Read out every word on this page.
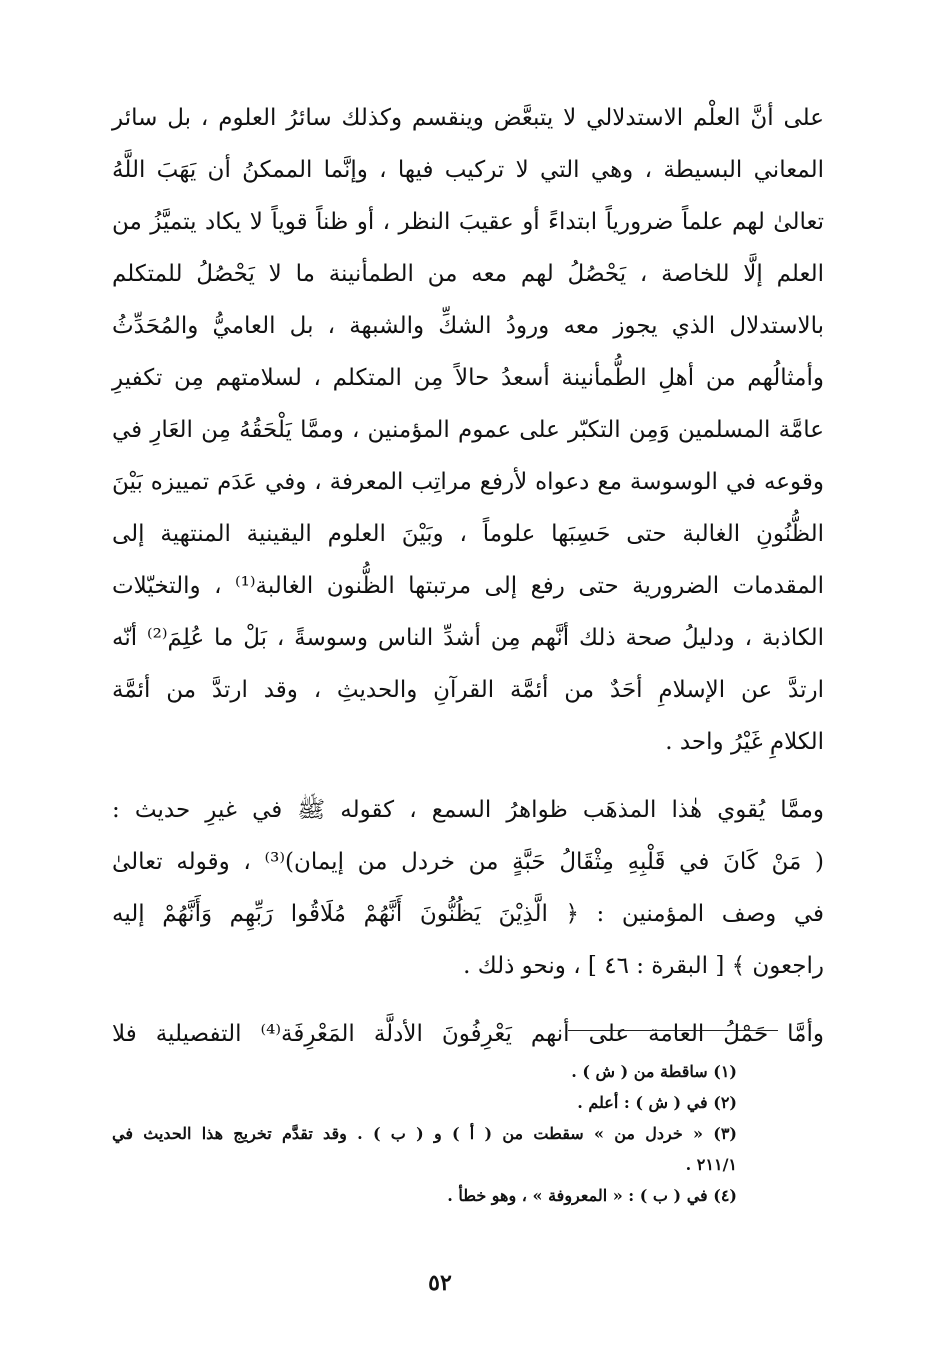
على أنَّ العلْم الاستدلالي لا يتبعَّض وينقسم وكذلك سائرُ العلوم ، بل سائر
المعاني البسيطة ، وهي التي لا تركيب فيها ، وإنَّما الممكنُ أن يَهَبَ اللَّهُ
تعالىٰ لهم علماً ضرورياً ابتداءً أو عقيبَ النظر ، أو ظناً قوياً لا يكاد يتميَّزُ من
العلم إلَّا للخاصة ، يَحْصُلُ لهم معه من الطمأنينة ما لا يَحْصُلُ للمتكلم
بالاستدلال الذي يجوز معه ورودُ الشكِّ والشبهة ، بل العاميُّ والمُحَدِّثُ
وأمثالُهم من أهلِ الطُّمأنينة أسعدُ حالاً مِن المتكلم ، لسلامتهم مِن تكفيرِ
عامَّة المسلمين وَمِن التكبّر على عموم المؤمنين ، وممَّا يَلْحَقُهُ مِن العَارِ في
وقوعه في الوسوسة مع دعواه لأرفع مراتِب المعرفة ، وفي عَدَم تمييزه بَيْنَ
الظُّنُونِ الغالبة حتى حَسِبَها علوماً ، وبَيْنَ العلوم اليقينية المنتهية إلى
المقدمات الضرورية حتى رفع إلى مرتبتها الظُّنون الغالبة⁽¹⁾ ، والتخيّلات
الكاذبة ، ودليلُ صحة ذلك أنَّهم مِن أشدِّ الناس وسوسةً ، بَلْ ما عُلِمَ⁽²⁾ أنّه
ارتدَّ عن الإسلامِ أحَدٌ من أئمَّة القرآنِ والحديثِ ، وقد ارتدَّ من أئمَّة
الكلامِ غَيْرُ واحد .
وممَّا يُقوي هٰذا المذهَب ظواهرُ السمع ، كقوله ﷺ في غيرِ حديث :
( مَنْ كَانَ في قَلْبِهِ مِثْقَالُ حَبَّةٍ من خردل من إيمان)⁽³⁾ ، وقوله تعالىٰ
في وصف المؤمنين : ﴿ الَّذِيْنَ يَظُنُّونَ أَنَّهُمْ مُلَاقُوا رَبِّهِم وَأَنَّهُمْ إليه
راجعون ﴾ [ البقرة : ٤٦ ] ، ونحو ذلك .
وأمَّا حَمْلُ العامة على أنهم يَعْرِفُونَ الأدلَّة المَعْرِفَة⁽⁴⁾ التفصيلية فلا
(١) ساقطة من ( ش ) .
(٢) في ( ش ) : أعلم .
(٣) « خردل من » سقطت من ( أ ) و ( ب ) . وقد تقدَّم تخريج هذا الحديث في
٢١١/١ .
(٤) في ( ب ) : « المعروفة » ، وهو خطأ .
٥٢
